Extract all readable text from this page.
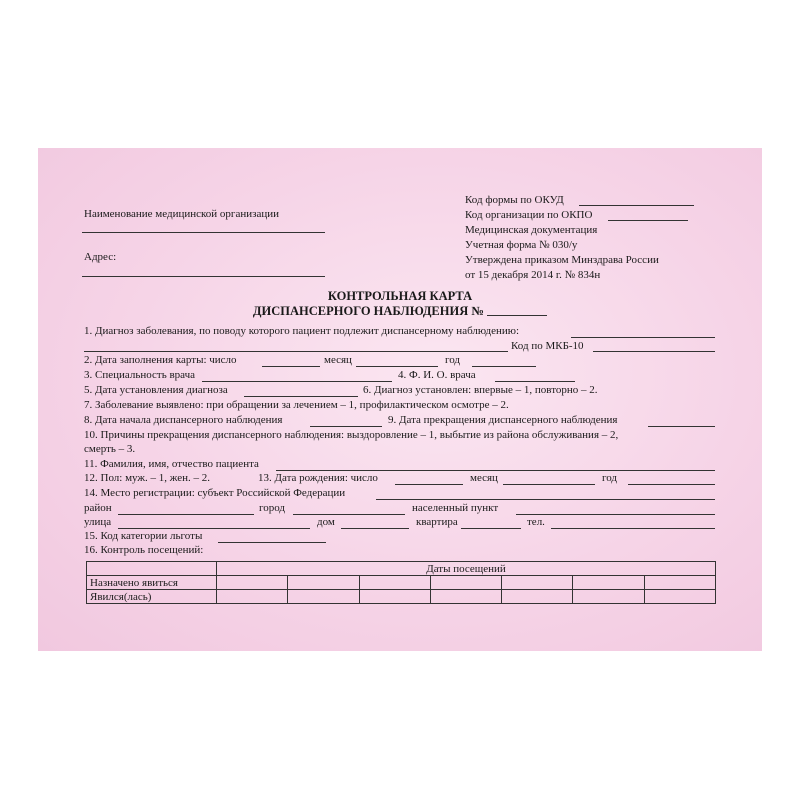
Наименование медицинской организации
Адрес:
Код формы по ОКУД
Код организации по ОКПО
Медицинская документация
Учетная форма № 030/у
Утверждена приказом Минздрава России
от 15 декабря 2014 г. № 834н
КОНТРОЛЬНАЯ КАРТА
ДИСПАНСЕРНОГО НАБЛЮДЕНИЯ №
1. Диагноз заболевания, по поводу которого пациент подлежит диспансерному наблюдению:
Код по МКБ-10
2. Дата заполнения карты: число	месяц	год
3. Специальность врача	4. Ф. И. О. врача
5. Дата установления диагноза	6. Диагноз установлен: впервые – 1, повторно – 2.
7. Заболевание выявлено: при обращении за лечением – 1, профилактическом осмотре – 2.
8. Дата начала диспансерного наблюдения	9. Дата прекращения диспансерного наблюдения
10. Причины прекращения диспансерного наблюдения: выздоровление – 1, выбытие из района обслуживания – 2,
смерть – 3.
11. Фамилия, имя, отчество пациента
12. Пол: муж. – 1, жен. – 2.	13. Дата рождения: число	месяц	год
14. Место регистрации: субъект Российской Федерации
район	город	населенный пункт
улица	дом	квартира	тел.
15. Код категории льготы
16. Контроль посещений:
	Даты посещений						
Назначено явиться							
Явился(лась)							
